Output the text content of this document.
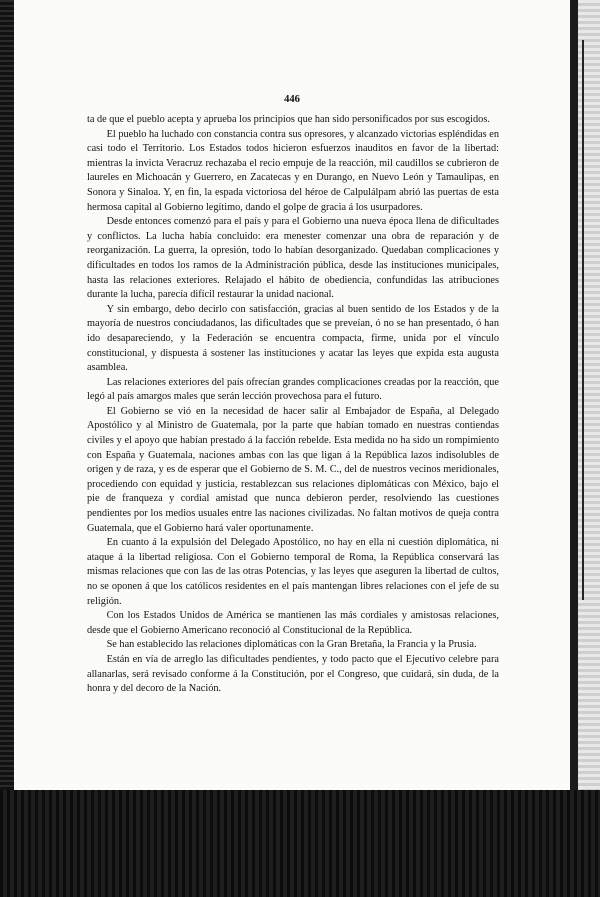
446

ta de que el pueblo acepta y aprueba los principios que han sido personificados por sus escogidos.

El pueblo ha luchado con constancia contra sus opresores, y alcanzado victorias espléndidas en casi todo el Territorio. Los Estados todos hicieron esfuerzos inauditos en favor de la libertad: mientras la invicta Veracruz rechazaba el recio empuje de la reacción, mil caudillos se cubrieron de laureles en Michoacán y Guerrero, en Zacatecas y en Durango, en Nuevo León y Tamaulipas, en Sonora y Sinaloa. Y, en fin, la espada victoriosa del héroe de Calpulálpam abrió las puertas de esta hermosa capital al Gobierno legítimo, dando el golpe de gracia á los usurpadores.

Desde entonces comenzó para el país y para el Gobierno una nueva época llena de dificultades y conflictos. La lucha había concluido: era menester comenzar una obra de reparación y de reorganización. La guerra, la opresión, todo lo habían desorganizado. Quedaban complicaciones y dificultades en todos los ramos de la Administración pública, desde las instituciones municipales, hasta las relaciones exteriores. Relajado el hábito de obediencia, confundidas las atribuciones durante la lucha, parecía difícil restaurar la unidad nacional.

Y sin embargo, debo decirlo con satisfacción, gracias al buen sentido de los Estados y de la mayoría de nuestros conciudadanos, las dificultades que se preveían, ó no se han presentado, ó han ido desapareciendo, y la Federación se encuentra compacta, firme, unida por el vínculo constitucional, y dispuesta á sostener las instituciones y acatar las leyes que expida esta augusta asamblea.

Las relaciones exteriores del país ofrecían grandes complicaciones creadas por la reacción, que legó al país amargos males que serán lección provechosa para el futuro.

El Gobierno se vió en la necesidad de hacer salir al Embajador de España, al Delegado Apostólico y al Ministro de Guatemala, por la parte que habían tomado en nuestras contiendas civiles y el apoyo que habían prestado á la facción rebelde. Esta medida no ha sido un rompimiento con España y Guatemala, naciones ambas con las que ligan á la República lazos indisolubles de origen y de raza, y es de esperar que el Gobierno de S. M. C., del de nuestros vecinos meridionales, procediendo con equidad y justicia, restablezcan sus relaciones diplomáticas con México, bajo el pie de franqueza y cordial amistad que nunca debieron perder, resolviendo las cuestiones pendientes por los medios usuales entre las naciones civilizadas. No faltan motivos de queja contra Guatemala, que el Gobierno hará valer oportunamente.

En cuanto á la expulsión del Delegado Apostólico, no hay en ella ni cuestión diplomática, ni ataque á la libertad religiosa. Con el Gobierno temporal de Roma, la República conservará las mismas relaciones que con las de las otras Potencias, y las leyes que aseguren la libertad de cultos, no se oponen á que los católicos residentes en el país mantengan libres relaciones con el jefe de su religión.

Con los Estados Unidos de América se mantienen las más cordiales y amistosas relaciones, desde que el Gobierno Americano reconoció al Constitucional de la República.

Se han establecido las relaciones diplomáticas con la Gran Bretaña, la Francia y la Prusia.

Están en vía de arreglo las dificultades pendientes, y todo pacto que el Ejecutivo celebre para allanarlas, será revisado conforme á la Constitución, por el Congreso, que cuidará, sin duda, de la honra y del decoro de la Nación.
